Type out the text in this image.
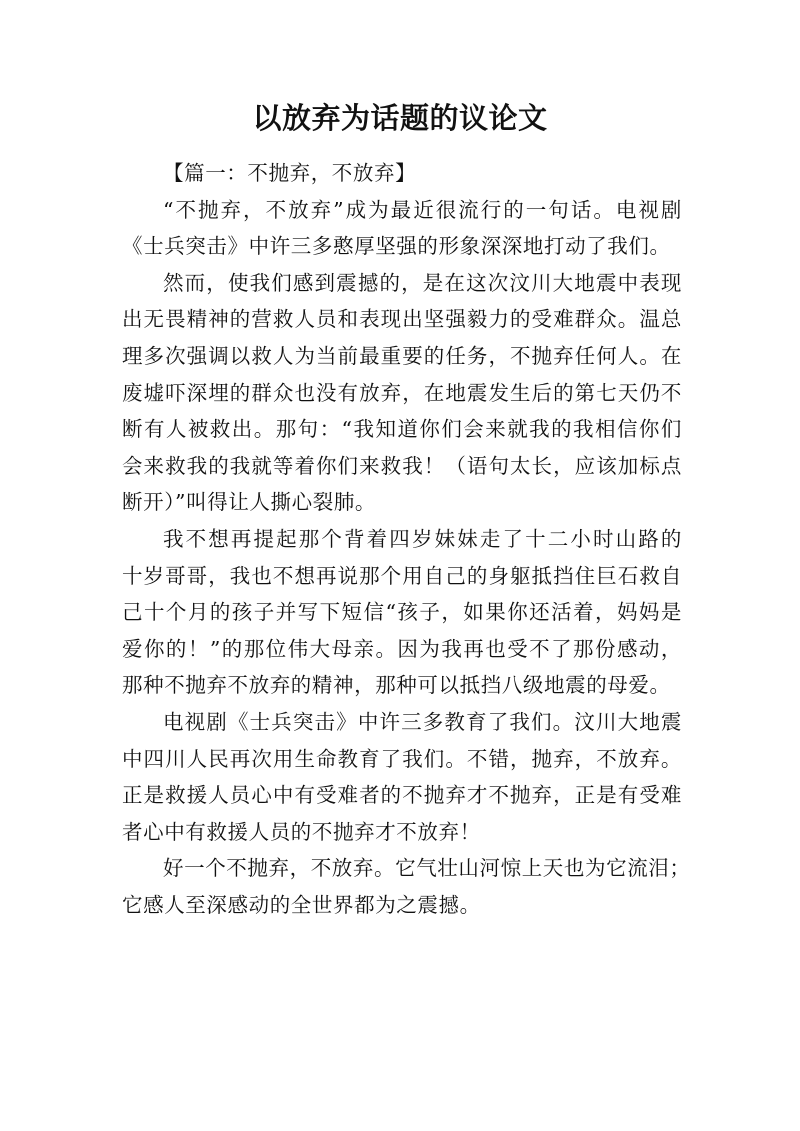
以放弃为话题的议论文
【篇一：不抛弃，不放弃】
“不抛弃，不放弃”成为最近很流行的一句话。电视剧
《士兵突击》中许三多憨厚坚强的形象深深地打动了我们。
然而，使我们感到震撼的，是在这次汶川大地震中表现
出无畏精神的营救人员和表现出坚强毅力的受难群众。温总
理多次强调以救人为当前最重要的任务，不抛弃任何人。在
废墟吓深埋的群众也没有放弃，在地震发生后的第七天仍不
断有人被救出。那句：“我知道你们会来就我的我相信你们
会来救我的我就等着你们来救我！（语句太长，应该加标点
断开）”叫得让人撕心裂肺。
我不想再提起那个背着四岁妹妹走了十二小时山路的
十岁哥哥，我也不想再说那个用自己的身躯抵挡住巨石救自
己十个月的孩子并写下短信“孩子，如果你还活着，妈妈是
爱你的！”的那位伟大母亲。因为我再也受不了那份感动，
那种不抛弃不放弃的精神，那种可以抵挡八级地震的母爱。
电视剧《士兵突击》中许三多教育了我们。汶川大地震
中四川人民再次用生命教育了我们。不错，抛弃，不放弃。
正是救援人员心中有受难者的不抛弃才不抛弃，正是有受难
者心中有救援人员的不抛弃才不放弃！
好一个不抛弃，不放弃。它气壮山河惊上天也为它流泪；
它感人至深感动的全世界都为之震撼。
